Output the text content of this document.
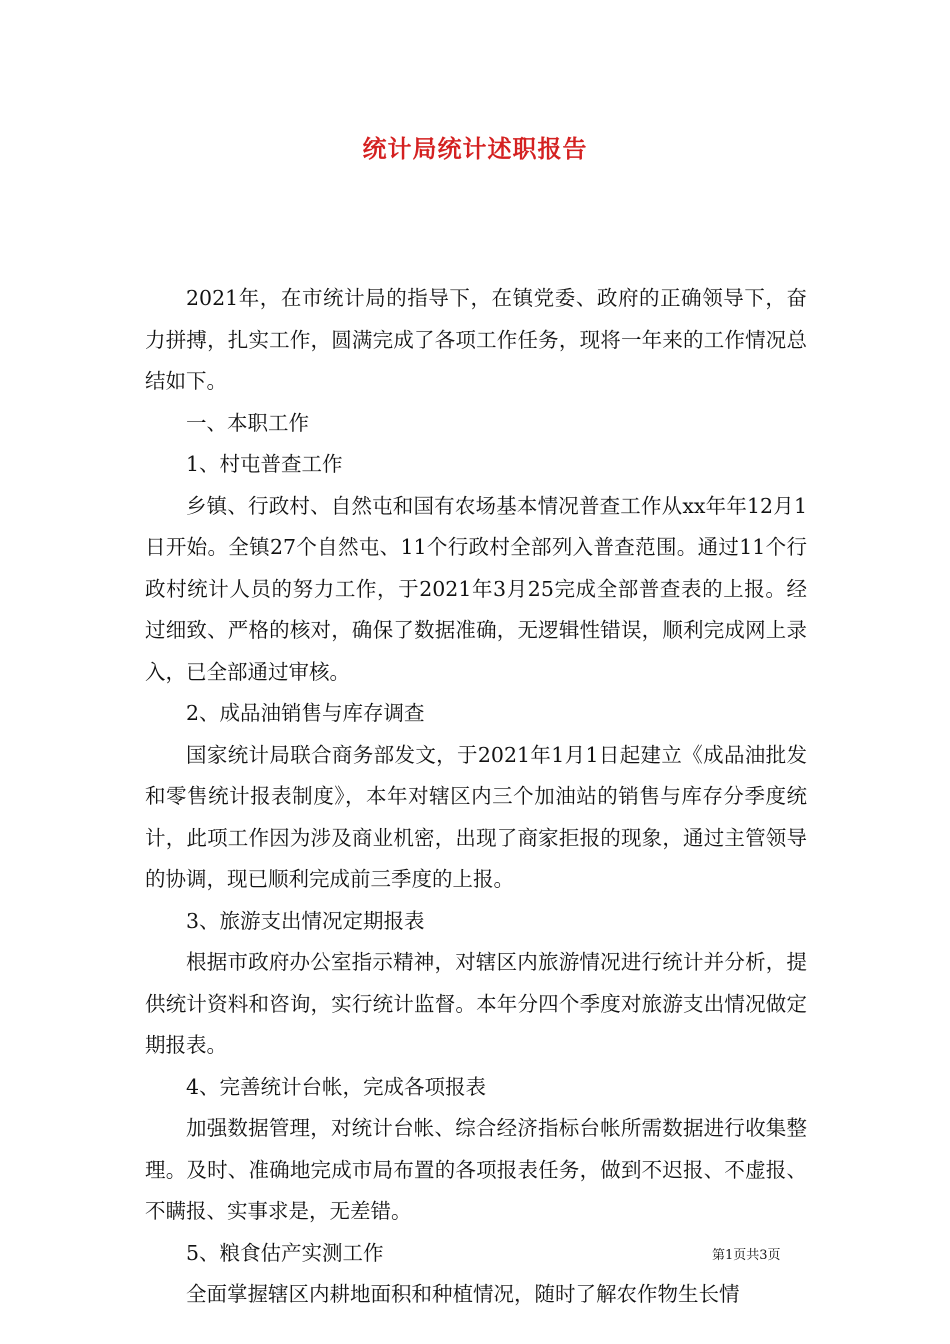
统计局统计述职报告

2021年，在市统计局的指导下，在镇党委、政府的正确领导下，奋力拼搏，扎实工作，圆满完成了各项工作任务，现将一年来的工作情况总结如下。

一、本职工作

1、村屯普查工作

乡镇、行政村、自然屯和国有农场基本情况普查工作从xx年年12月1日开始。全镇27个自然屯、11个行政村全部列入普查范围。通过11个行政村统计人员的努力工作，于2021年3月25完成全部普查表的上报。经过细致、严格的核对，确保了数据准确，无逻辑性错误，顺利完成网上录入，已全部通过审核。

2、成品油销售与库存调查

国家统计局联合商务部发文，于2021年1月1日起建立《成品油批发和零售统计报表制度》，本年对辖区内三个加油站的销售与库存分季度统计，此项工作因为涉及商业机密，出现了商家拒报的现象，通过主管领导的协调，现已顺利完成前三季度的上报。

3、旅游支出情况定期报表

根据市政府办公室指示精神，对辖区内旅游情况进行统计并分析，提供统计资料和咨询，实行统计监督。本年分四个季度对旅游支出情况做定期报表。

4、完善统计台帐，完成各项报表

加强数据管理，对统计台帐、综合经济指标台帐所需数据进行收集整理。及时、准确地完成市局布置的各项报表任务，做到不迟报、不虚报、不瞒报、实事求是，无差错。

5、粮食估产实测工作

全面掌握辖区内耕地面积和种植情况，随时了解农作物生长情

第1页共3页
